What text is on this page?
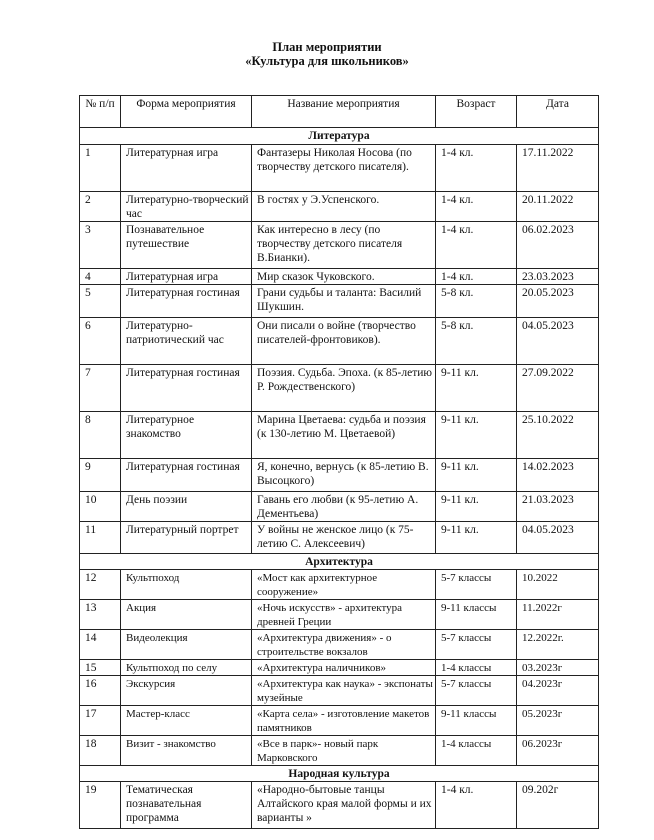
План мероприятии
«Культура для школьников»
№ п/п	Форма мероприятия	Название мероприятия	Возраст	Дата
Литература				
1	Литературная игра	Фантазеры Николая Носова (по творчеству детского писателя).	1-4 кл.	17.11.2022
2	Литературно-творческий час	В гостях у Э.Успенского.	1-4 кл.	20.11.2022
3	Познавательное путешествие	Как интересно в лесу (по творчеству детского писателя В.Бианки).	1-4 кл.	06.02.2023
4	Литературная игра	Мир сказок Чуковского.	1-4 кл.	23.03.2023
5	Литературная гостиная	Грани судьбы и таланта: Василий Шукшин.	5-8 кл.	20.05.2023
6	Литературно-патриотический час	Они писали о войне (творчество писателей-фронтовиков).	5-8 кл.	04.05.2023
7	Литературная гостиная	Поэзия. Судьба. Эпоха. (к 85-летию Р. Рождественского)	9-11 кл.	27.09.2022
8	Литературное знакомство	Марина Цветаева: судьба и поэзия (к 130-летию М. Цветаевой)	9-11 кл.	25.10.2022
9	Литературная гостиная	Я, конечно, вернусь (к 85-летию В. Высоцкого)	9-11 кл.	14.02.2023
10	День поэзии	Гавань его любви (к 95-летию А. Дементьева)	9-11 кл.	21.03.2023
11	Литературный портрет	У войны не женское лицо (к 75-летию С. Алексеевич)	9-11 кл.	04.05.2023
Архитектура				
12	Культпоход	«Мост как архитектурное сооружение»	5-7 классы	10.2022
13	Акция	«Ночь искусств» - архитектура древней Греции	9-11 классы	11.2022г
14	Видеолекция	«Архитектура движения» - о строительстве вокзалов	5-7 классы	12.2022г.
15	Культпоход по селу	«Архитектура наличников»	1-4 классы	03.2023г
16	Экскурсия	«Архитектура как наука» - экспонаты музейные	5-7 классы	04.2023г
17	Мастер-класс	«Карта села» - изготовление макетов памятников	9-11 классы	05.2023г
18	Визит - знакомство	«Все в парк»- новый парк Марковского	1-4 классы	06.2023г
Народная культура				
19	Тематическая познавательная программа	«Народно-бытовые танцы Алтайского края малой формы и их варианты »	1-4 кл.	09.202г
